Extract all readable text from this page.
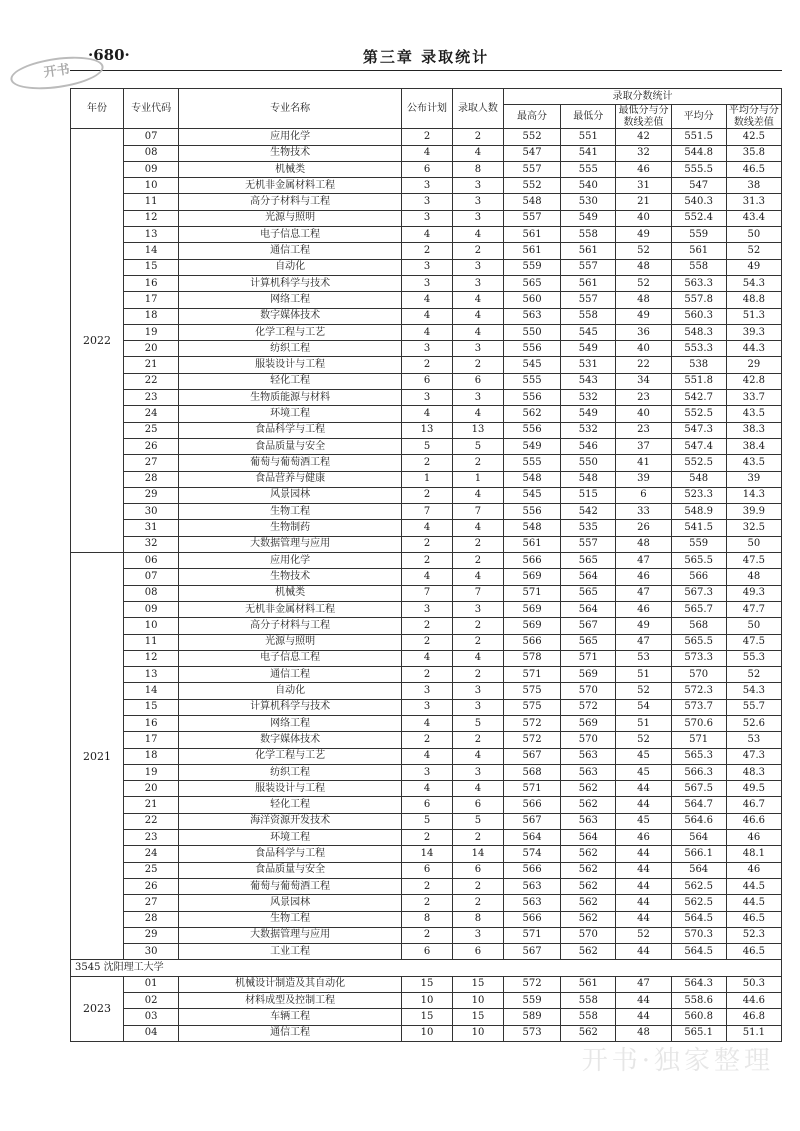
·680·	第三章 录取统计
开书
年份	专业代码	专业名称	公布计划	录取人数	录取分数统计				
					最高分	最低分	最低分与分数线差值	平均分	平均分与分数线差值
2022	07	应用化学	2	2	552	551	42	551.5	42.5
	08	生物技术	4	4	547	541	32	544.8	35.8
	09	机械类	6	8	557	555	46	555.5	46.5
	10	无机非金属材料工程	3	3	552	540	31	547	38
	11	高分子材料与工程	3	3	548	530	21	540.3	31.3
	12	光源与照明	3	3	557	549	40	552.4	43.4
	13	电子信息工程	4	4	561	558	49	559	50
	14	通信工程	2	2	561	561	52	561	52
	15	自动化	3	3	559	557	48	558	49
	16	计算机科学与技术	3	3	565	561	52	563.3	54.3
	17	网络工程	4	4	560	557	48	557.8	48.8
	18	数字媒体技术	4	4	563	558	49	560.3	51.3
	19	化学工程与工艺	4	4	550	545	36	548.3	39.3
	20	纺织工程	3	3	556	549	40	553.3	44.3
	21	服装设计与工程	2	2	545	531	22	538	29
	22	轻化工程	6	6	555	543	34	551.8	42.8
	23	生物质能源与材料	3	3	556	532	23	542.7	33.7
	24	环境工程	4	4	562	549	40	552.5	43.5
	25	食品科学与工程	13	13	556	532	23	547.3	38.3
	26	食品质量与安全	5	5	549	546	37	547.4	38.4
	27	葡萄与葡萄酒工程	2	2	555	550	41	552.5	43.5
	28	食品营养与健康	1	1	548	548	39	548	39
	29	风景园林	2	4	545	515	6	523.3	14.3
	30	生物工程	7	7	556	542	33	548.9	39.9
	31	生物制药	4	4	548	535	26	541.5	32.5
	32	大数据管理与应用	2	2	561	557	48	559	50
2021	06	应用化学	2	2	566	565	47	565.5	47.5
	07	生物技术	4	4	569	564	46	566	48
	08	机械类	7	7	571	565	47	567.3	49.3
	09	无机非金属材料工程	3	3	569	564	46	565.7	47.7
	10	高分子材料与工程	2	2	569	567	49	568	50
	11	光源与照明	2	2	566	565	47	565.5	47.5
	12	电子信息工程	4	4	578	571	53	573.3	55.3
	13	通信工程	2	2	571	569	51	570	52
	14	自动化	3	3	575	570	52	572.3	54.3
	15	计算机科学与技术	3	3	575	572	54	573.7	55.7
	16	网络工程	4	5	572	569	51	570.6	52.6
	17	数字媒体技术	2	2	572	570	52	571	53
	18	化学工程与工艺	4	4	567	563	45	565.3	47.3
	19	纺织工程	3	3	568	563	45	566.3	48.3
	20	服装设计与工程	4	4	571	562	44	567.5	49.5
	21	轻化工程	6	6	566	562	44	564.7	46.7
	22	海洋资源开发技术	5	5	567	563	45	564.6	46.6
	23	环境工程	2	2	564	564	46	564	46
	24	食品科学与工程	14	14	574	562	44	566.1	48.1
	25	食品质量与安全	6	6	566	562	44	564	46
	26	葡萄与葡萄酒工程	2	2	563	562	44	562.5	44.5
	27	风景园林	2	2	563	562	44	562.5	44.5
	28	生物工程	8	8	566	562	44	564.5	46.5
	29	大数据管理与应用	2	3	571	570	52	570.3	52.3
	30	工业工程	6	6	567	562	44	564.5	46.5
3545 沈阳理工大学									
2023	01	机械设计制造及其自动化	15	15	572	561	47	564.3	50.3
	02	材料成型及控制工程	10	10	559	558	44	558.6	44.6
	03	车辆工程	15	15	589	558	44	560.8	46.8
	04	通信工程	10	10	573	562	48	565.1	51.1
开书·独家整理
